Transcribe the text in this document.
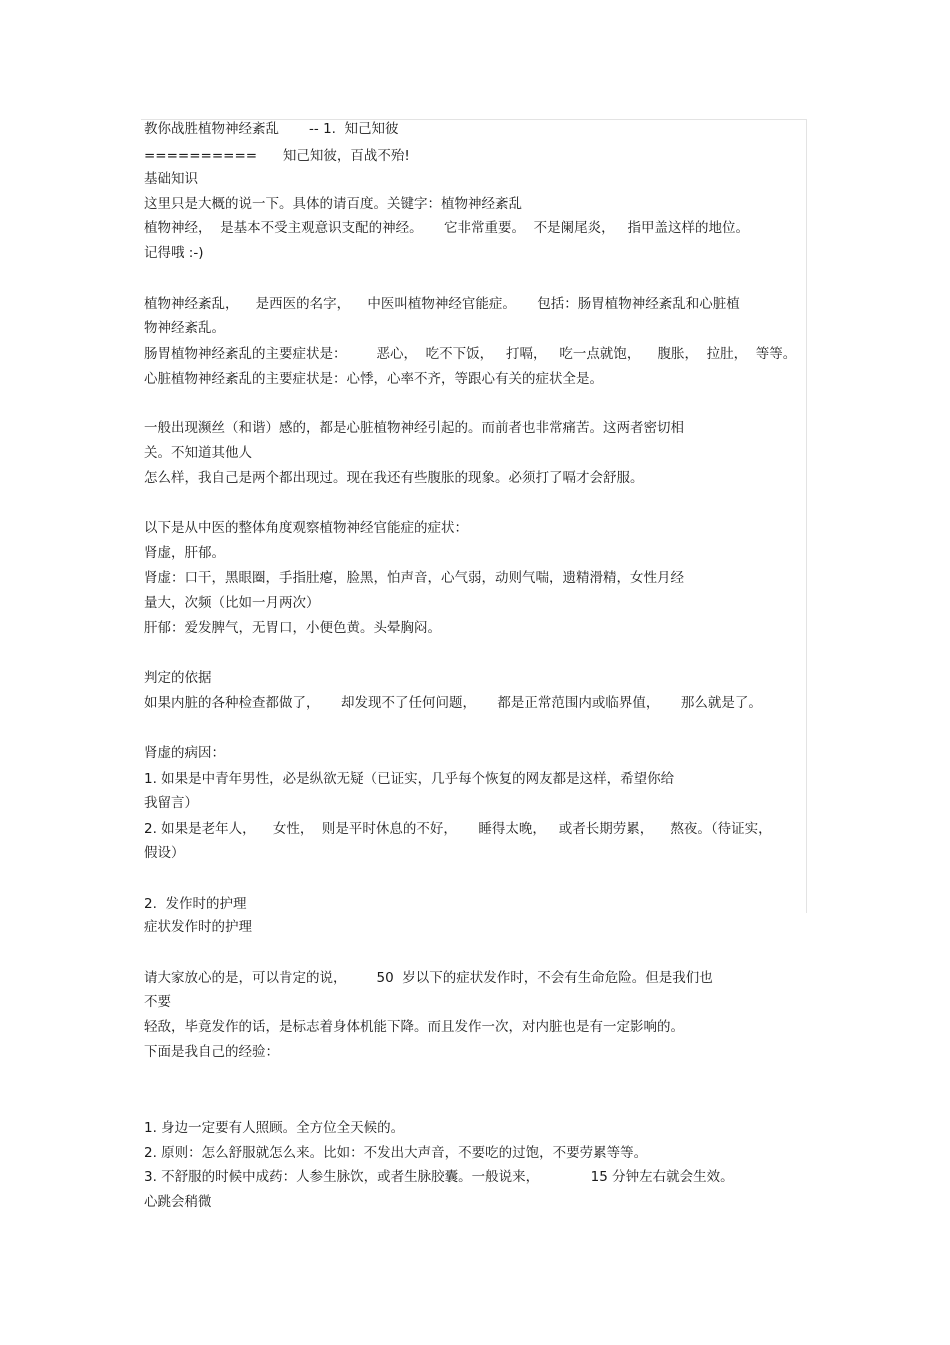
教你战胜植物神经紊乱       -- 1.  知己知彼
==========      知己知彼，百战不殆!
基础知识
这里只是大概的说一下。具体的请百度。关键字：植物神经紊乱
植物神经，  是基本不受主观意识支配的神经。     它非常重要。  不是阑尾炎，   指甲盖这样的地位。
记得哦 :-)
植物神经紊乱，    是西医的名字，    中医叫植物神经官能症。     包括：肠胃植物神经紊乱和心脏植
物神经紊乱。
肠胃植物神经紊乱的主要症状是：       恶心，  吃不下饭，   打嗝，   吃一点就饱，    腹胀，  拉肚，  等等。
心脏植物神经紊乱的主要症状是：心悸，心率不齐，等跟心有关的症状全是。
一般出现濒丝（和谐）感的，都是心脏植物神经引起的。而前者也非常痛苦。这两者密切相
关。不知道其他人
怎么样，我自己是两个都出现过。现在我还有些腹胀的现象。必须打了嗝才会舒服。
以下是从中医的整体角度观察植物神经官能症的症状：
肾虚，肝郁。
肾虚：口干，黑眼圈，手指肚瘪，脸黑，怕声音，心气弱，动则气喘，遗精滑精，女性月经
量大，次频（比如一月两次）
肝郁：爱发脾气，无胃口，小便色黄。头晕胸闷。
判定的依据
如果内脏的各种检查都做了，     却发现不了任何问题，     都是正常范围内或临界值，     那么就是了。
肾虚的病因：
1. 如果是中青年男性，必是纵欲无疑（已证实，几乎每个恢复的网友都是这样，希望你给
我留言）
2. 如果是老年人，    女性，  则是平时休息的不好，     睡得太晚，   或者长期劳累，    熬夜。（待证实，
假设）
2.  发作时的护理
症状发作时的护理
请大家放心的是，可以肯定的说，       50  岁以下的症状发作时，不会有生命危险。但是我们也
不要
轻敌，毕竟发作的话，是标志着身体机能下降。而且发作一次，对内脏也是有一定影响的。
下面是我自己的经验：
1. 身边一定要有人照顾。全方位全天候的。
2. 原则：怎么舒服就怎么来。比如：不发出大声音，不要吃的过饱，不要劳累等等。
3. 不舒服的时候中成药：人参生脉饮，或者生脉胶囊。一般说来，            15 分钟左右就会生效。
心跳会稍微
